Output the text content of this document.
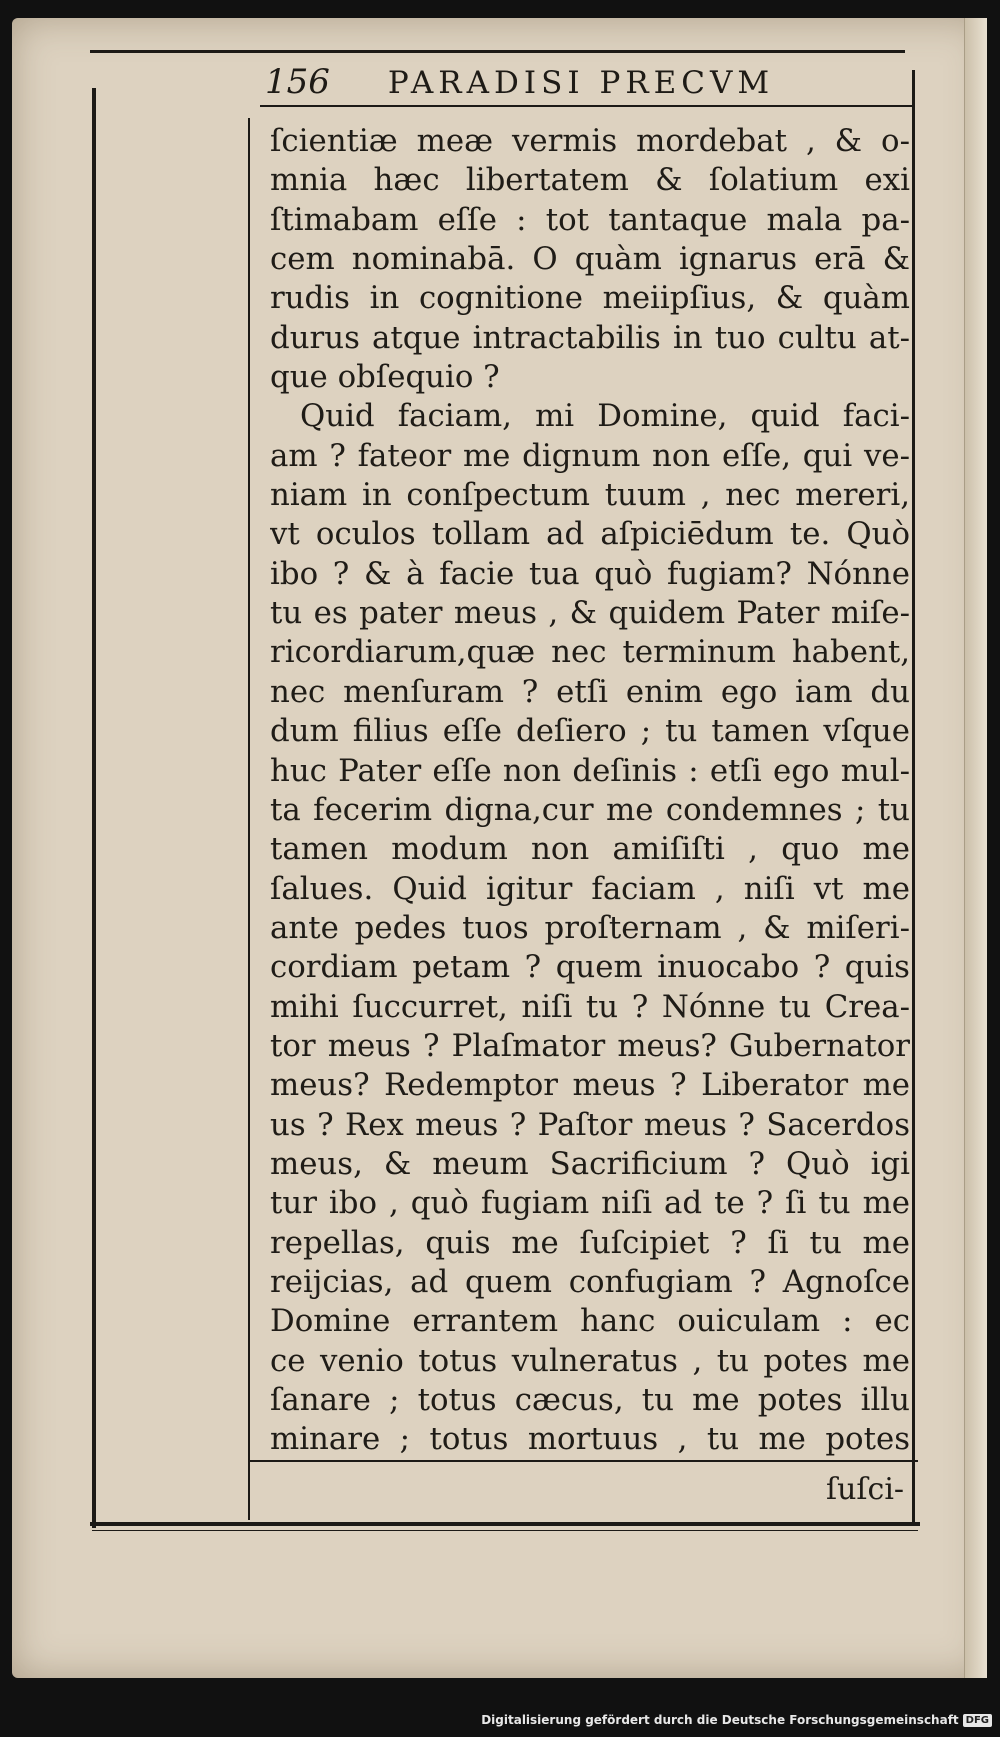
156 PARADISI PRECVM
ſcientiæ meæ vermis mordebat , & o-
mnia hæc libertatem & ſolatium exi
ſtimabam eſſe : tot tantaque mala pa-
cem nominabā. O quàm ignarus erā &
rudis in cognitione meiipſius, & quàm
durus atque intractabilis in tuo cultu at-
que obſequio ?
Quid faciam, mi Domine, quid faci-
am ? fateor me dignum non eſſe, qui ve-
niam in conſpectum tuum , nec mereri,
vt oculos tollam ad aſpiciēdum te. Quò
ibo ? & à facie tua quò fugiam? Nónne
tu es pater meus , & quidem Pater miſe-
ricordiarum,quæ nec terminum habent,
nec menſuram ? etſi enim ego iam du
dum filius eſſe deſiero ; tu tamen vſque
huc Pater eſſe non deſinis : etſi ego mul-
ta fecerim digna,cur me condemnes ; tu
tamen modum non amiſiſti , quo me
ſalues. Quid igitur faciam , niſi vt me
ante pedes tuos proſternam , & miſeri-
cordiam petam ? quem inuocabo ? quis
mihi ſuccurret, niſi tu ? Nónne tu Crea-
tor meus ? Plaſmator meus? Gubernator
meus? Redemptor meus ? Liberator me
us ? Rex meus ? Paſtor meus ? Sacerdos
meus, & meum Sacrificium ? Quò igi
tur ibo , quò fugiam niſi ad te ? ſi tu me
repellas, quis me ſuſcipiet ? ſi tu me
reijcias, ad quem confugiam ? Agnoſce
Domine errantem hanc ouiculam : ec
ce venio totus vulneratus , tu potes me
ſanare ; totus cæcus, tu me potes illu
minare ; totus mortuus , tu me potes
ſuſci-
Digitalisierung gefördert durch die Deutsche Forschungsgemeinschaft DFG
